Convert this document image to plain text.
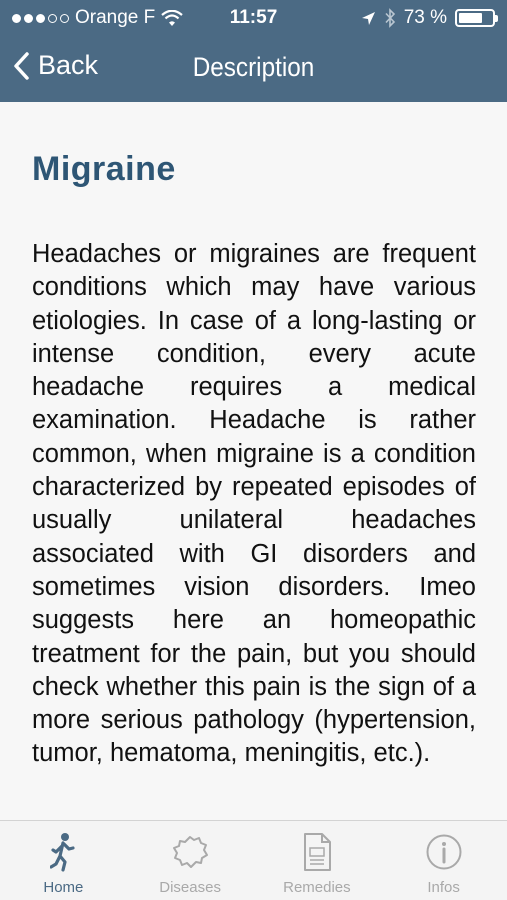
Orange F	11:57	73 %
Back	Description
Migraine

Headaches or migraines are frequent conditions which may have various etiologies. In case of a long-lasting or intense condition, every acute headache requires a medical examination. Headache is rather common, when migraine is a condition characterized by repeated episodes of usually unilateral headaches associated with GI disorders and sometimes vision disorders. Imeo suggests here an homeopathic treatment for the pain, but you should check whether this pain is the sign of a more serious pathology (hypertension, tumor, hematoma, meningitis, etc.).

Home	Diseases	Remedies	Infos
